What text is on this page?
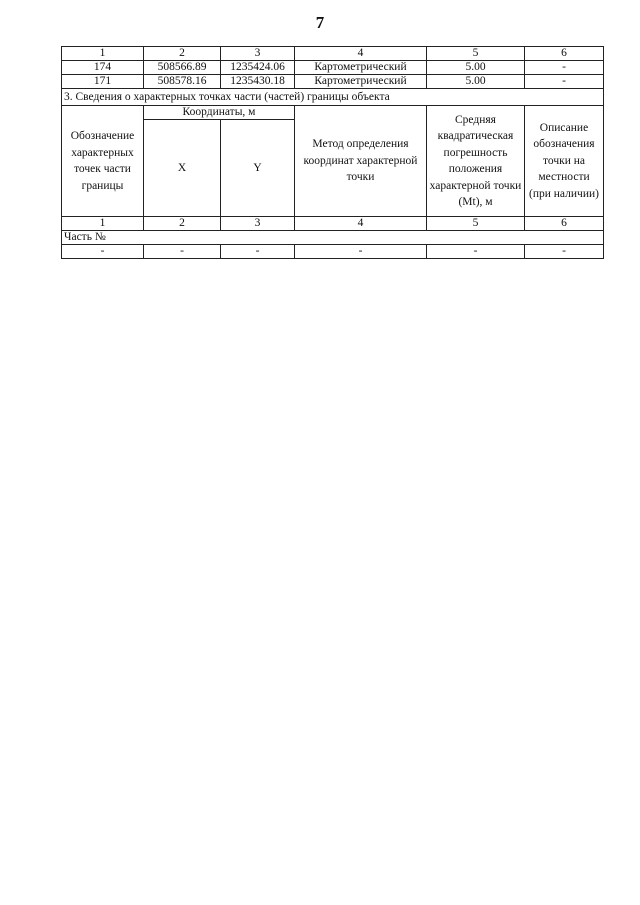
7
1	2	3	4	5	6
174	508566.89	1235424.06	Картометрический	5.00	-
171	508578.16	1235430.18	Картометрический	5.00	-
3. Сведения о характерных точках части (частей) границы объекта					
Обозначение характерных точек части границы	Координаты, м		Метод определения координат характерной точки	Средняя квадратическая погрешность положения характерной точки (Mt), м	Описание обозначения точки на местности (при наличии)
	X	Y			
1	2	3	4	5	6
Часть №					
-	-	-	-	-	-
